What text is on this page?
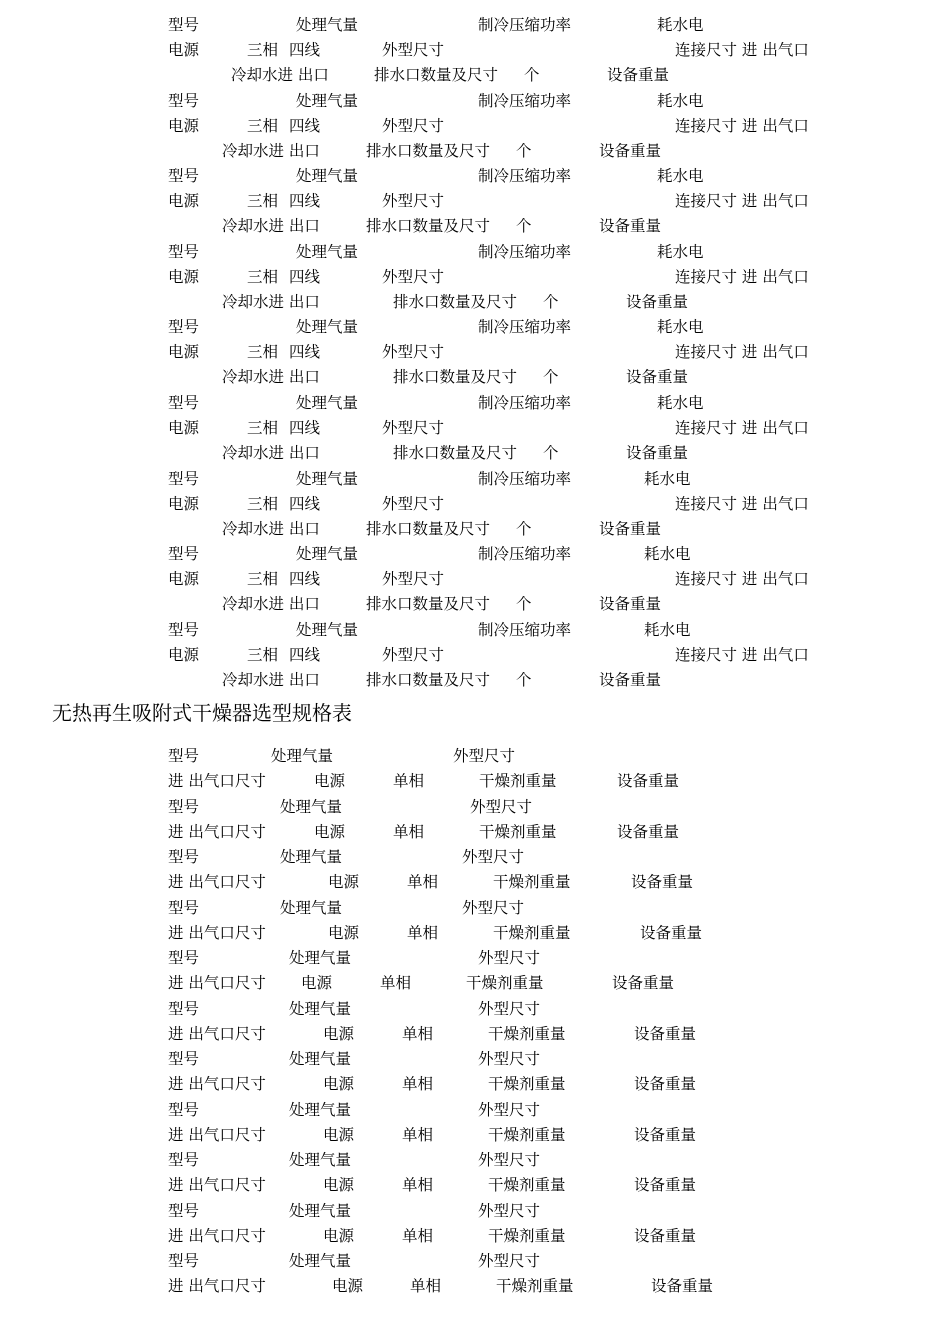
型号	处理气量	制冷压缩功率	耗水电
电源	三相 四线	外型尺寸	连接尺寸 进 出气口
冷却水进 出口	排水口数量及尺寸 个	设备重量
型号	处理气量	制冷压缩功率	耗水电
电源	三相 四线	外型尺寸	连接尺寸 进 出气口
冷却水进 出口	排水口数量及尺寸 个	设备重量
型号	处理气量	制冷压缩功率	耗水电
电源	三相 四线	外型尺寸	连接尺寸 进 出气口
冷却水进 出口	排水口数量及尺寸 个	设备重量
型号	处理气量	制冷压缩功率	耗水电
电源	三相 四线	外型尺寸	连接尺寸 进 出气口
冷却水进 出口	排水口数量及尺寸 个	设备重量
型号	处理气量	制冷压缩功率	耗水电
电源	三相 四线	外型尺寸	连接尺寸 进 出气口
冷却水进 出口	排水口数量及尺寸 个	设备重量
型号	处理气量	制冷压缩功率	耗水电
电源	三相 四线	外型尺寸	连接尺寸 进 出气口
冷却水进 出口	排水口数量及尺寸 个	设备重量
型号	处理气量	制冷压缩功率	耗水电
电源	三相 四线	外型尺寸	连接尺寸 进 出气口
冷却水进 出口	排水口数量及尺寸 个	设备重量
型号	处理气量	制冷压缩功率	耗水电
电源	三相 四线	外型尺寸	连接尺寸 进 出气口
冷却水进 出口	排水口数量及尺寸 个	设备重量
型号	处理气量	制冷压缩功率	耗水电
电源	三相 四线	外型尺寸	连接尺寸 进 出气口
冷却水进 出口	排水口数量及尺寸 个	设备重量
无热再生吸附式干燥器选型规格表
型号	处理气量	外型尺寸
进 出气口尺寸	电源	单相	干燥剂重量	设备重量
型号	处理气量	外型尺寸
进 出气口尺寸	电源	单相	干燥剂重量	设备重量
型号	处理气量	外型尺寸
进 出气口尺寸	电源	单相	干燥剂重量	设备重量
型号	处理气量	外型尺寸
进 出气口尺寸	电源	单相	干燥剂重量	设备重量
型号	处理气量	外型尺寸
进 出气口尺寸 电源	单相	干燥剂重量	设备重量
型号	处理气量	外型尺寸
进 出气口尺寸	电源	单相	干燥剂重量	设备重量
型号	处理气量	外型尺寸
进 出气口尺寸	电源	单相	干燥剂重量	设备重量
型号	处理气量	外型尺寸
进 出气口尺寸	电源	单相	干燥剂重量	设备重量
型号	处理气量	外型尺寸
进 出气口尺寸	电源	单相	干燥剂重量	设备重量
型号	处理气量	外型尺寸
进 出气口尺寸	电源	单相	干燥剂重量	设备重量
型号	处理气量	外型尺寸
进 出气口尺寸	电源	单相	干燥剂重量	设备重量
